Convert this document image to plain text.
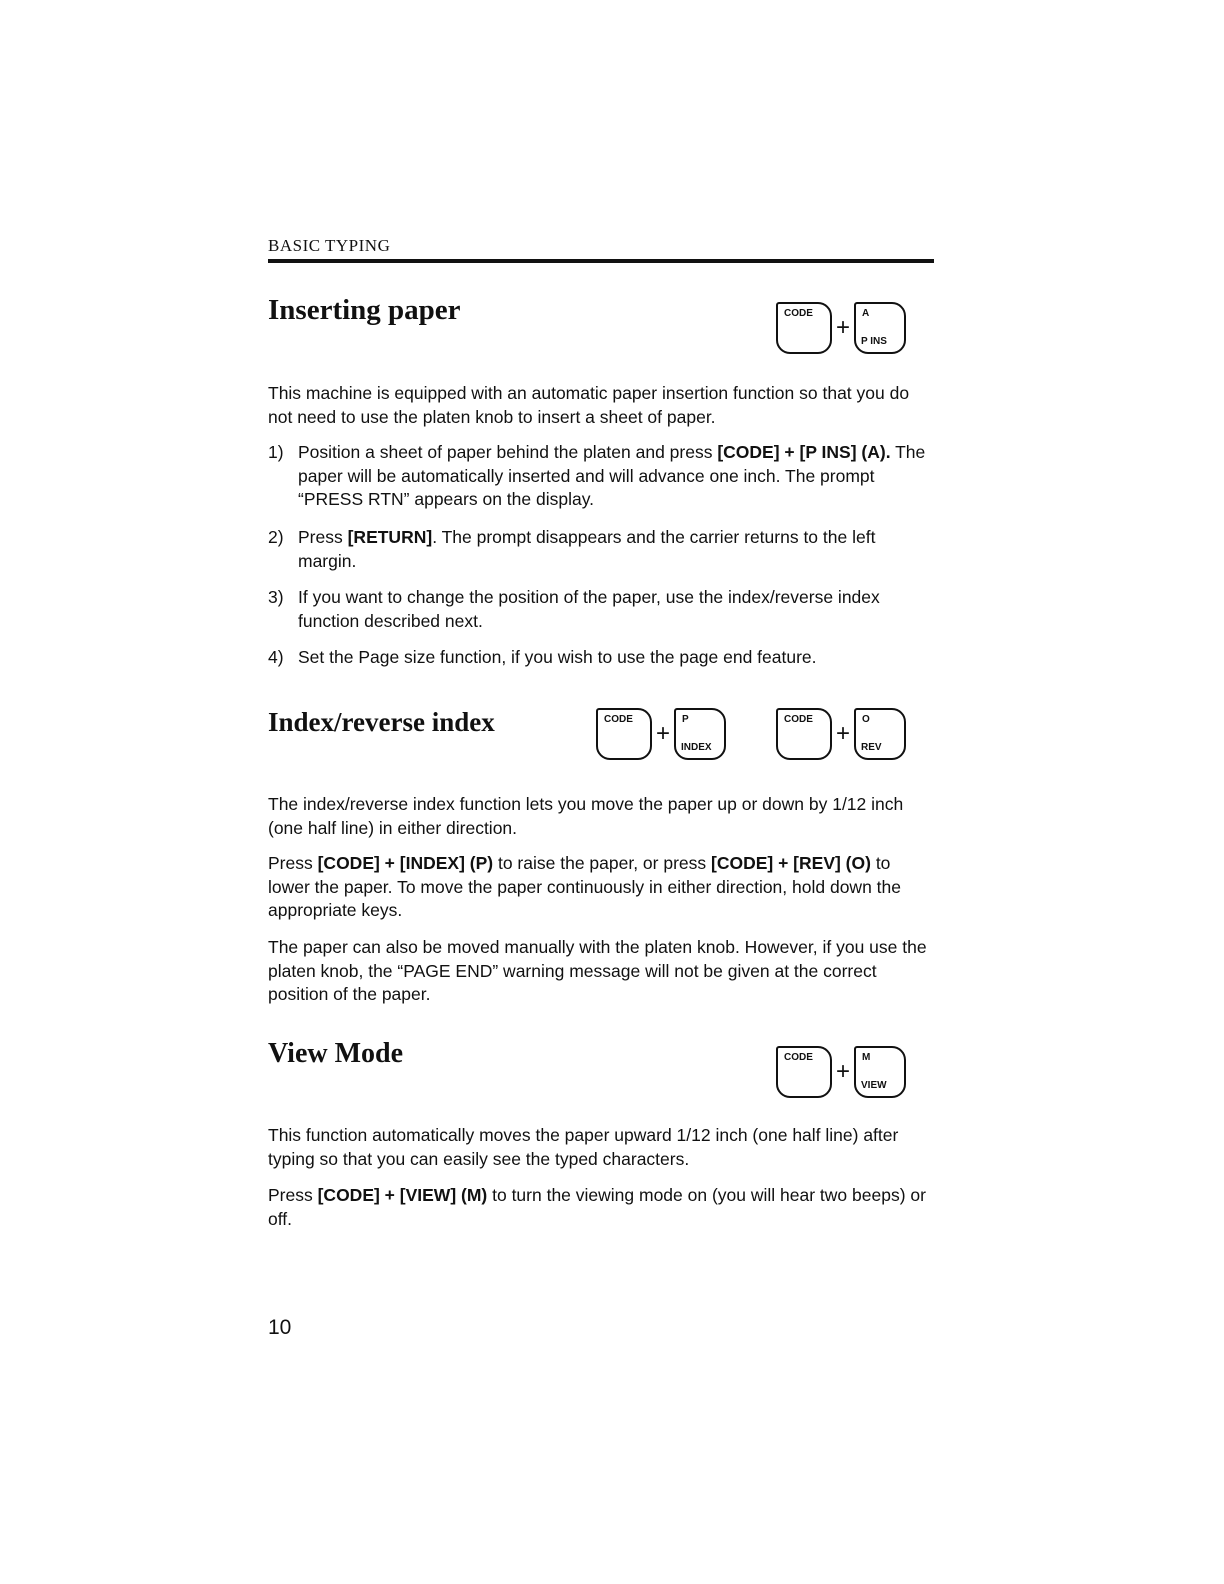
BASIC TYPING
Inserting paper	CODE
+
A
P INS

This machine is equipped with an automatic paper insertion function so that you do not need to use the platen knob to insert a sheet of paper.

1) Position a sheet of paper behind the platen and press [CODE] + [P INS] (A). The paper will be automatically inserted and will advance one inch. The prompt “PRESS RTN” appears on the display.
2) Press [RETURN]. The prompt disappears and the carrier returns to the left margin.
3) If you want to change the position of the paper, use the index/reverse index function described next.
4) Set the Page size function, if you wish to use the page end feature.
Index/reverse index	CODE
+
P
INDEX
CODE
+
O
REV

The index/reverse index function lets you move the paper up or down by 1/12 inch (one half line) in either direction.

Press [CODE] + [INDEX] (P) to raise the paper, or press [CODE] + [REV] (O) to lower the paper. To move the paper continuously in either direction, hold down the appropriate keys.

The paper can also be moved manually with the platen knob. However, if you use the platen knob, the “PAGE END” warning message will not be given at the correct position of the paper.

View Mode	CODE
+
M
VIEW

This function automatically moves the paper upward 1/12 inch (one half line) after typing so that you can easily see the typed characters.

Press [CODE] + [VIEW] (M) to turn the viewing mode on (you will hear two beeps) or off.

10
